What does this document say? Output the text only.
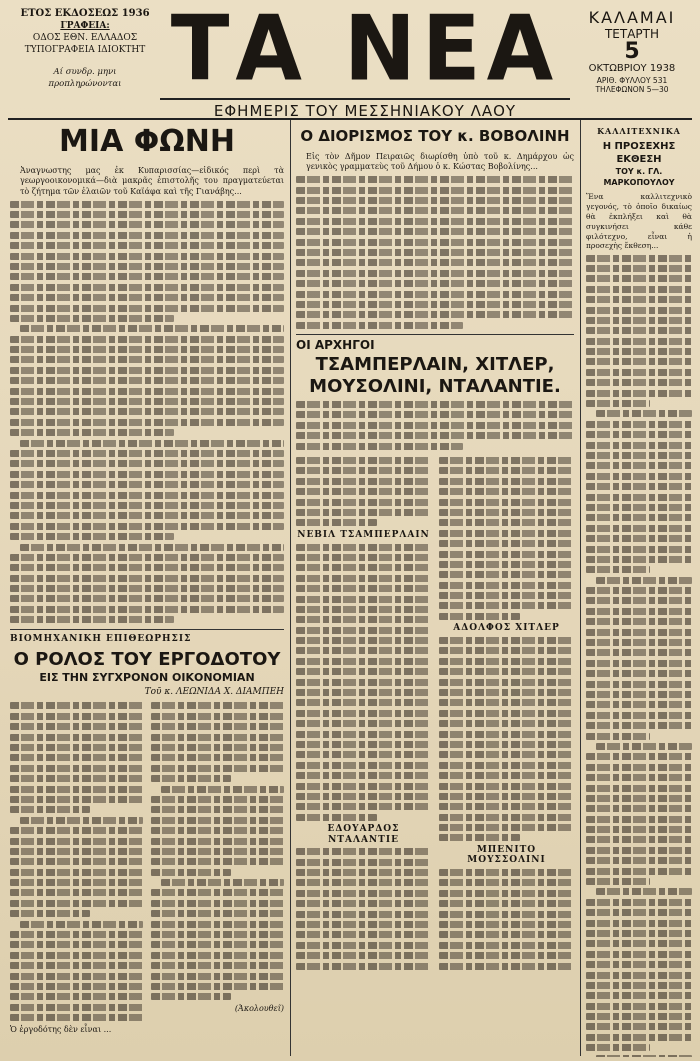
ΕΤΟΣ ΕΚΔΟΣΕΩΣ 1936
ΓΡΑΦΕΙΑ:
ΟΔΟΣ ΕΘΝ. ΕΛΛΑΔΟΣ
ΤΥΠΟΓΡΑΦΕΙΑ ΙΔΙΟΚΤΗΤ
Αί συνδρ. μηνι
προπληρώνονται ΤΑ ΝΕΑ	ΚΑΛΑΜΑΙ
ΤΕΤΑΡΤΗ
5
ΟΚΤΩΒΡΙΟΥ 1938
ΑΡΙΘ. ΦΥΛΛΟΥ 531
ΤΗΛΕΦΩΝΟΝ 5—30
ΕΦΗΜΕΡΙΣ ΤΟΥ ΜΕΣΣΗΝΙΑΚΟΥ ΛΑΟΥ
ΜΙΑ ΦΩΝΗ
Ἀναγνωστης μας ἐκ Κυπαρισσίας—εἰδικός περὶ τὰ γεωργοοικονομικά—διὰ μακρᾶς ἐπιστολῆς του πραγματεύεται τὸ ζήτημα τῶν ἐλαιῶν τοῦ Καϊάφα καὶ τῆς Γιανάβης...
ΒΙΟΜΗΧΑΝΙΚΗ ΕΠΙΘΕΩΡΗΣΙΣ
Ο ΡΟΛΟΣ ΤΟΥ ΕΡΓΟΔΟΤΟΥ
ΕΙΣ ΤΗΝ ΣΥΓΧΡΟΝΟΝ ΟΙΚΟΝΟΜΙΑΝ
Τοῦ κ. ΛΕΩΝΙΔΑ Χ. ΔΙΑΜΠΕΗ
Ὁ ἐργοδότης δὲν εἶναι ...
(Ἀκολουθεῖ)
Ο ΔΙΟΡΙΣΜΟΣ ΤΟΥ κ. ΒΟΒΟΛΙΝΗ
Εἰς τὸν Δῆμον Πειραιῶς διωρίσθη ὑπὸ τοῦ κ. Δημάρχου ὡς γενικὸς γραμματεὺς τοῦ Δήμου ὁ κ. Κώστας Βοβολίνης...
ΟΙ ΑΡΧΗΓΟΙ
ΤΣΑΜΠΕΡΛΑΙΝ, ΧΙΤΛΕΡ,
ΜΟΥΣΟΛΙΝΙ, ΝΤΑΛΑΝΤΙΕ.
ΝΕΒΙΛ ΤΣΑΜΠΕΡΛΑΙΝ
ΕΔΟΥΑΡΔΟΣ ΝΤΑΛΑΝΤΙΕ
ΑΔΟΛΦΟΣ ΧΙΤΛΕΡ
ΜΠΕΝΙΤΟ ΜΟΥΣΣΟΛΙΝΙ
ΚΑΛΛΙΤΕΧΝΙΚΑ
Η ΠΡΟΣΕΧΗΣ ΕΚΘΕΣΗ
ΤΟΥ κ. ΓΛ. ΜΑΡΚΟΠΟΥΛΟΥ
Ἕνα καλλιτεχνικὸ γεγονός, τὸ ὁποῖο δικαίως θὰ ἐκπλήξει καὶ θὰ συγκινήσει κάθε φιλότεχνο, εἶναι ἡ προσεχὴς ἔκθεση...
